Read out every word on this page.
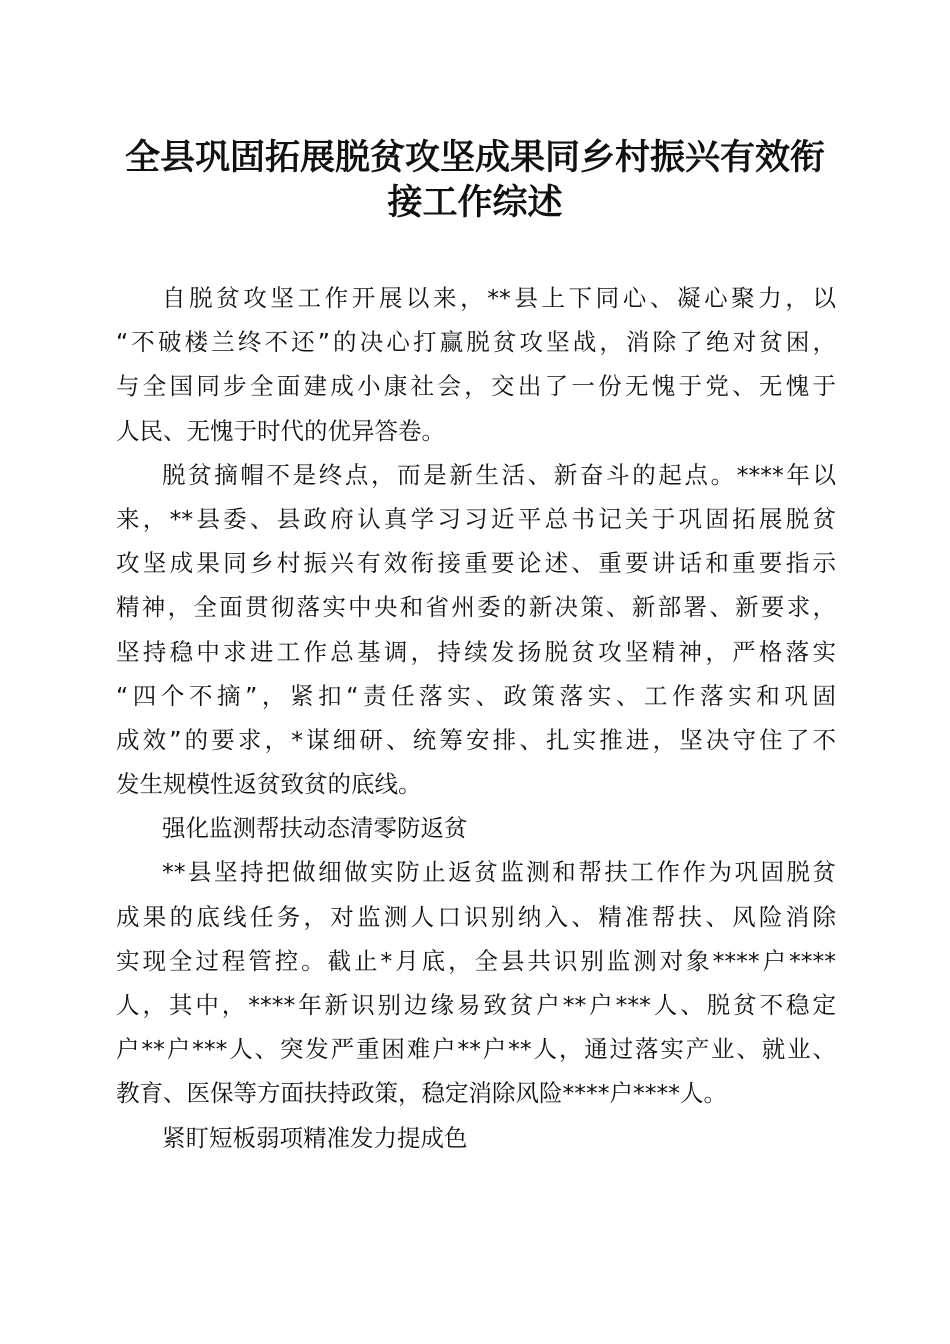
全县巩固拓展脱贫攻坚成果同乡村振兴有效衔
接工作综述
自脱贫攻坚工作开展以来，**县上下同心、凝心聚力，以
“不破楼兰终不还”的决心打赢脱贫攻坚战，消除了绝对贫困，
与全国同步全面建成小康社会，交出了一份无愧于党、无愧于
人民、无愧于时代的优异答卷。
脱贫摘帽不是终点，而是新生活、新奋斗的起点。****年以
来，**县委、县政府认真学习习近平总书记关于巩固拓展脱贫
攻坚成果同乡村振兴有效衔接重要论述、重要讲话和重要指示
精神，全面贯彻落实中央和省州委的新决策、新部署、新要求，
坚持稳中求进工作总基调，持续发扬脱贫攻坚精神，严格落实
“四个不摘”，紧扣“责任落实、政策落实、工作落实和巩固
成效”的要求，*谋细研、统筹安排、扎实推进，坚决守住了不
发生规模性返贫致贫的底线。
强化监测帮扶动态清零防返贫
**县坚持把做细做实防止返贫监测和帮扶工作作为巩固脱贫
成果的底线任务，对监测人口识别纳入、精准帮扶、风险消除
实现全过程管控。截止*月底，全县共识别监测对象****户****
人，其中，****年新识别边缘易致贫户**户***人、脱贫不稳定
户**户***人、突发严重困难户**户**人，通过落实产业、就业、
教育、医保等方面扶持政策，稳定消除风险****户****人。
紧盯短板弱项精准发力提成色
